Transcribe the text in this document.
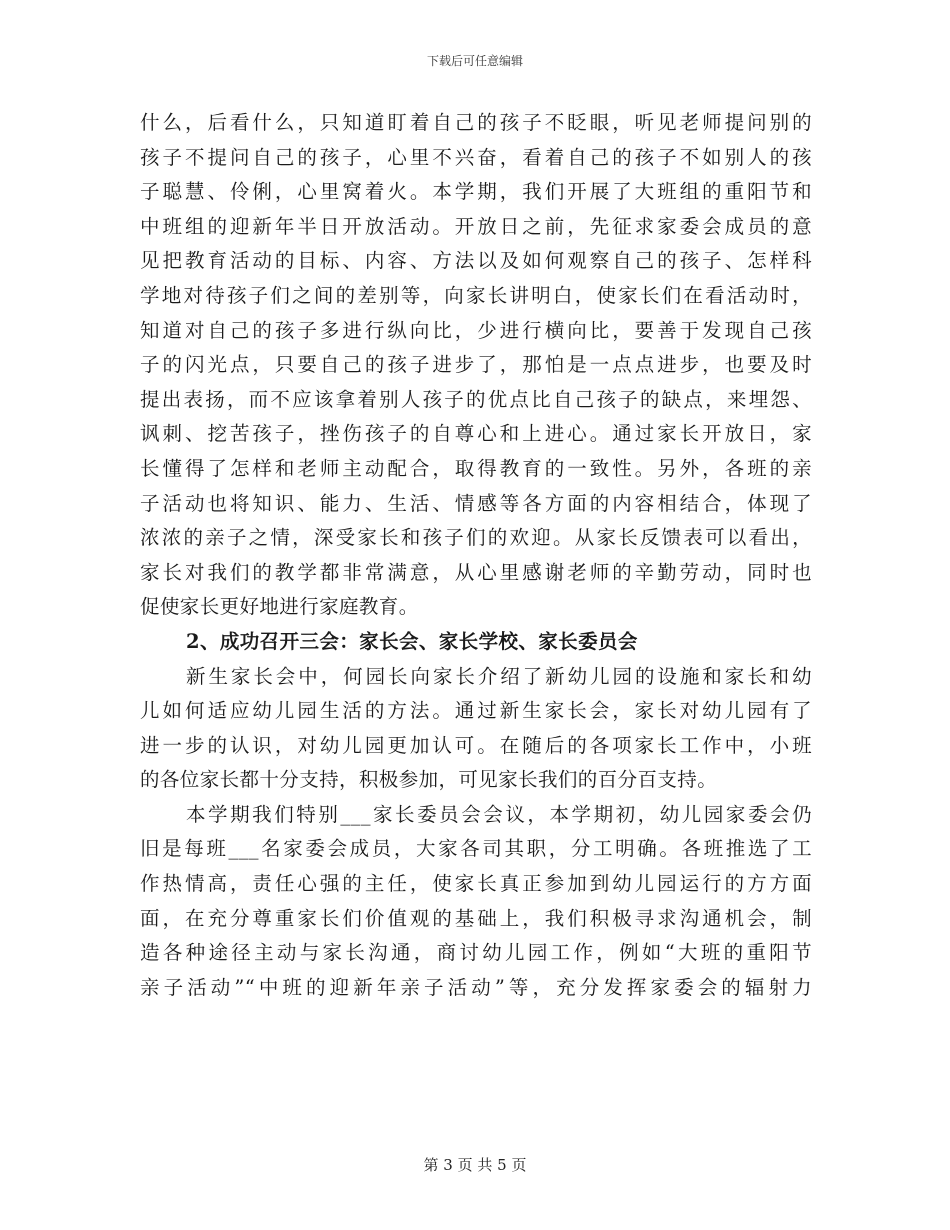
下载后可任意编辑
什么，后看什么，只知道盯着自己的孩子不眨眼，听见老师提问别的
孩子不提问自己的孩子，心里不兴奋，看着自己的孩子不如别人的孩
子聪慧、伶俐，心里窝着火。本学期，我们开展了大班组的重阳节和
中班组的迎新年半日开放活动。开放日之前，先征求家委会成员的意
见把教育活动的目标、内容、方法以及如何观察自己的孩子、怎样科
学地对待孩子们之间的差别等，向家长讲明白，使家长们在看活动时，
知道对自己的孩子多进行纵向比，少进行横向比，要善于发现自己孩
子的闪光点，只要自己的孩子进步了，那怕是一点点进步，也要及时
提出表扬，而不应该拿着别人孩子的优点比自己孩子的缺点，来埋怨、
讽刺、挖苦孩子，挫伤孩子的自尊心和上进心。通过家长开放日，家
长懂得了怎样和老师主动配合，取得教育的一致性。另外，各班的亲
子活动也将知识、能力、生活、情感等各方面的内容相结合，体现了
浓浓的亲子之情，深受家长和孩子们的欢迎。从家长反馈表可以看出，
家长对我们的教学都非常满意，从心里感谢老师的辛勤劳动，同时也
促使家长更好地进行家庭教育。
2、成功召开三会：家长会、家长学校、家长委员会
新生家长会中，何园长向家长介绍了新幼儿园的设施和家长和幼
儿如何适应幼儿园生活的方法。通过新生家长会，家长对幼儿园有了
进一步的认识，对幼儿园更加认可。在随后的各项家长工作中，小班
的各位家长都十分支持，积极参加，可见家长我们的百分百支持。
本学期我们特别___家长委员会会议，本学期初，幼儿园家委会仍
旧是每班___名家委会成员，大家各司其职，分工明确。各班推选了工
作热情高，责任心强的主任，使家长真正参加到幼儿园运行的方方面
面，在充分尊重家长们价值观的基础上，我们积极寻求沟通机会，制
造各种途径主动与家长沟通，商讨幼儿园工作，例如“大班的重阳节
亲子活动”“中班的迎新年亲子活动”等，充分发挥家委会的辐射力
第 3 页 共 5 页
